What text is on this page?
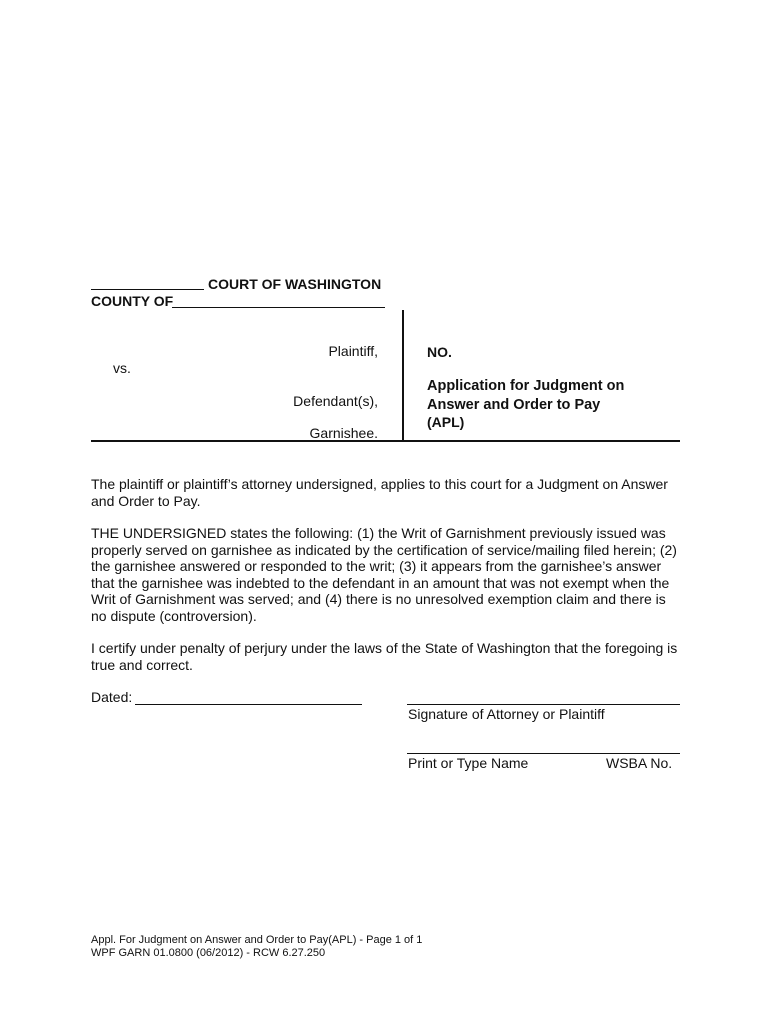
COURT OF WASHINGTON
COUNTY OF
Plaintiff,
vs.
Defendant(s),
Garnishee.
NO.
Application for Judgment on
Answer and Order to Pay
(APL)
The plaintiff or plaintiff’s attorney undersigned, applies to this court for a Judgment on Answer and Order to Pay.
THE UNDERSIGNED states the following: (1) the Writ of Garnishment previously issued was properly served on garnishee as indicated by the certification of service/mailing filed herein; (2) the garnishee answered or responded to the writ; (3) it appears from the garnishee’s answer that the garnishee was indebted to the defendant in an amount that was not exempt when the Writ of Garnishment was served; and (4) there is no unresolved exemption claim and there is no dispute (controversion).
I certify under penalty of perjury under the laws of the State of Washington that the foregoing is true and correct.
Dated:
Signature of Attorney or Plaintiff
Print or Type Name	WSBA No.
Appl. For Judgment on Answer and Order to Pay(APL) - Page 1 of 1
WPF GARN 01.0800 (06/2012) - RCW 6.27.250
